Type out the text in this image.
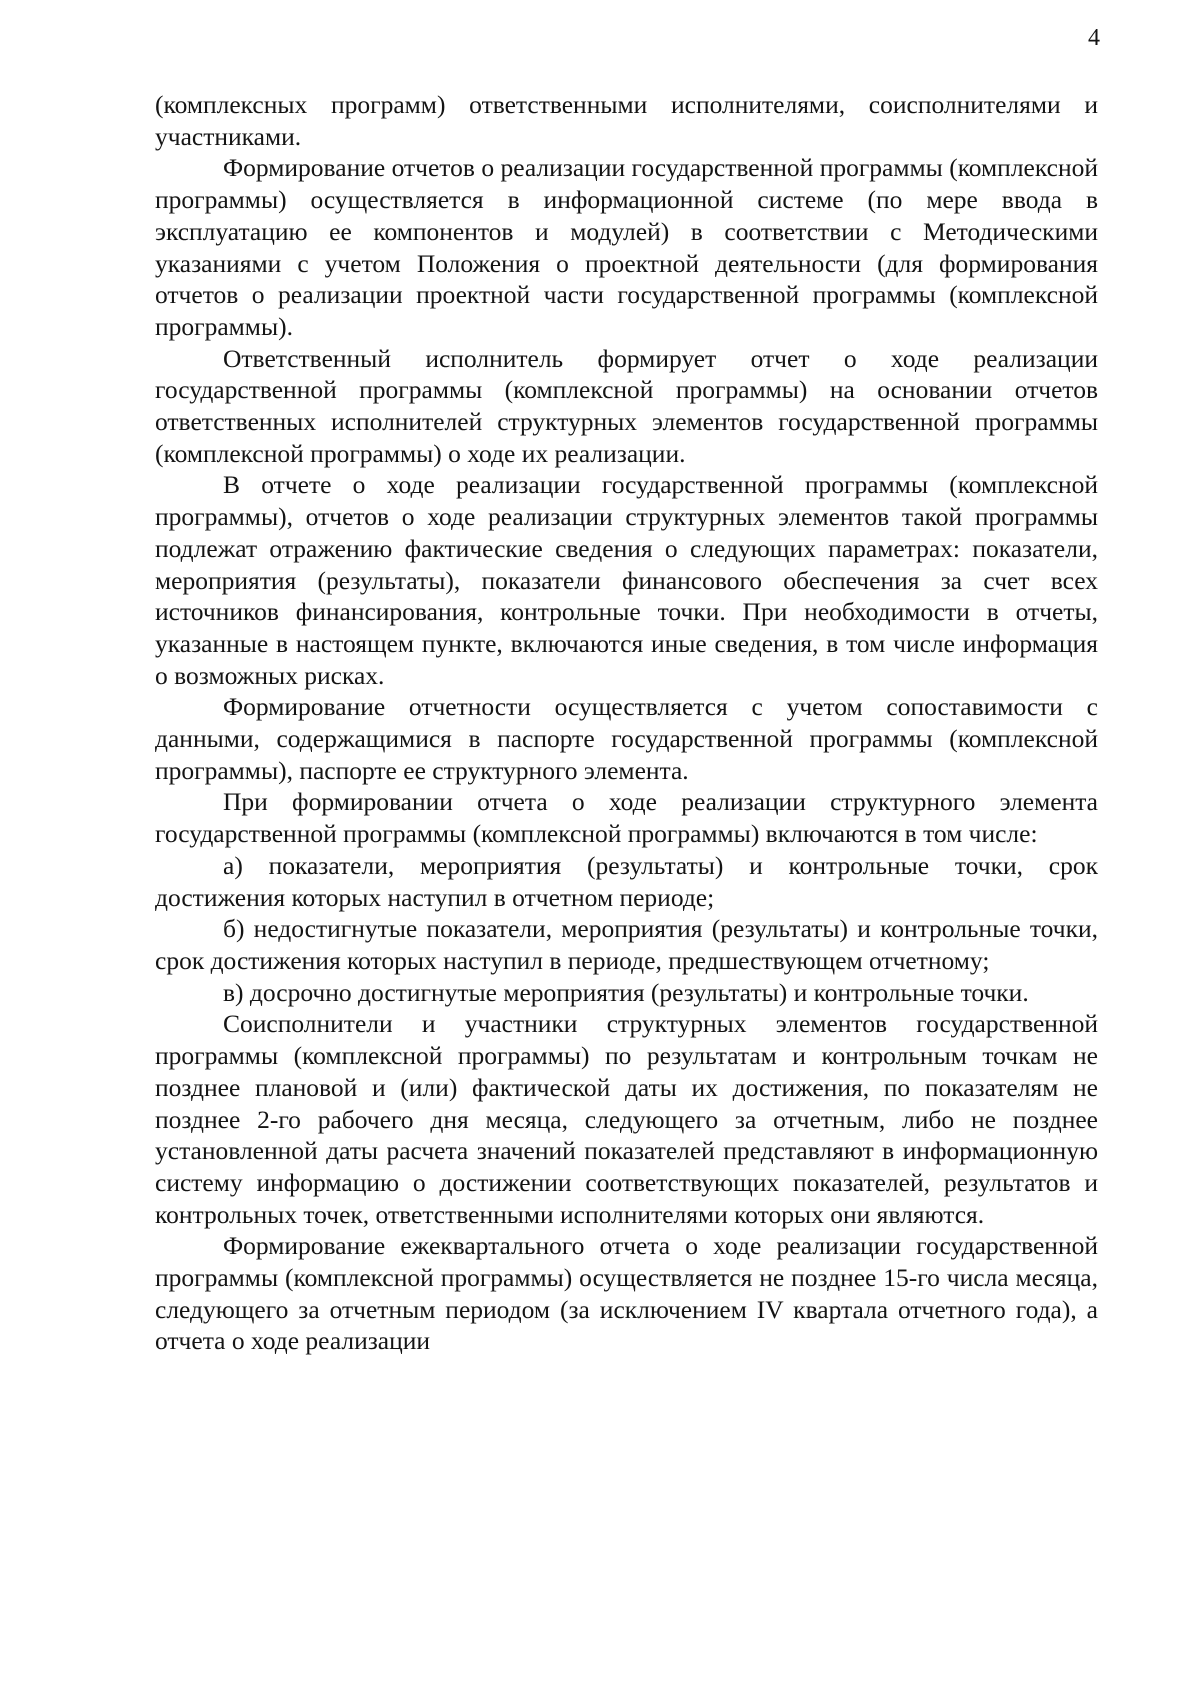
4

(комплексных программ) ответственными исполнителями, соисполнителями и участниками.

Формирование отчетов о реализации государственной программы (комплексной программы) осуществляется в информационной системе (по мере ввода в эксплуатацию ее компонентов и модулей) в соответствии с Методическими указаниями с учетом Положения о проектной деятельности (для формирования отчетов о реализации проектной части государственной программы (комплексной программы).

Ответственный исполнитель формирует отчет о ходе реализации государственной программы (комплексной программы) на основании отчетов ответственных исполнителей структурных элементов государственной программы (комплексной программы) о ходе их реализации.

В отчете о ходе реализации государственной программы (комплексной программы), отчетов о ходе реализации структурных элементов такой программы подлежат отражению фактические сведения о следующих параметрах: показатели, мероприятия (результаты), показатели финансового обеспечения за счет всех источников финансирования, контрольные точки. При необходимости в отчеты, указанные в настоящем пункте, включаются иные сведения, в том числе информация о возможных рисках.

Формирование отчетности осуществляется с учетом сопоставимости с данными, содержащимися в паспорте государственной программы (комплексной программы), паспорте ее структурного элемента.

При формировании отчета о ходе реализации структурного элемента государственной программы (комплексной программы) включаются в том числе:

а) показатели, мероприятия (результаты) и контрольные точки, срок достижения которых наступил в отчетном периоде;

б) недостигнутые показатели, мероприятия (результаты) и контрольные точки, срок достижения которых наступил в периоде, предшествующем отчетному;

в) досрочно достигнутые мероприятия (результаты) и контрольные точки.

Соисполнители и участники структурных элементов государственной программы (комплексной программы) по результатам и контрольным точкам не позднее плановой и (или) фактической даты их достижения, по показателям не позднее 2-го рабочего дня месяца, следующего за отчетным, либо не позднее установленной даты расчета значений показателей представляют в информационную систему информацию о достижении соответствующих показателей, результатов и контрольных точек, ответственными исполнителями которых они являются.

Формирование ежеквартального отчета о ходе реализации государственной программы (комплексной программы) осуществляется не позднее 15-го числа месяца, следующего за отчетным периодом (за исключением IV квартала отчетного года), а отчета о ходе реализации
